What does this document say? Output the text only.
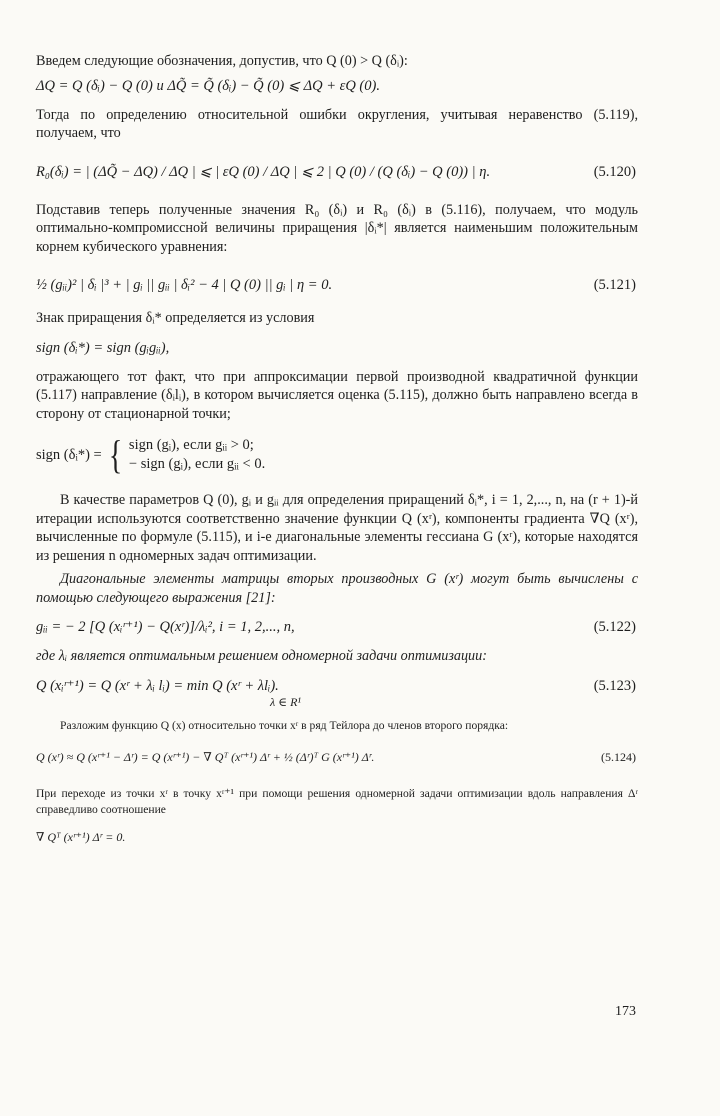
Введем следующие обозначения, допустив, что Q (0) > Q (δᵢ):

ΔQ = Q (δᵢ) − Q (0) и ΔQ̃ = Q̃ (δᵢ) − Q̃ (0) ⩽ ΔQ + εQ (0).

Тогда по определению относительной ошибки округления, учитывая неравенство (5.119), получаем, что

R₀(δᵢ) = | (ΔQ̃ − ΔQ) / ΔQ | ⩽ | εQ (0) / ΔQ | ⩽ 2 | Q (0) / (Q (δᵢ) − Q (0)) | η.	(5.120)

Подставив теперь полученные значения R₀ (δᵢ) и R₀ (δᵢ) в (5.116), получаем, что модуль оптимально-компромиссной величины приращения |δᵢ*| является наименьшим положительным корнем кубического уравнения:

½ (gᵢᵢ)² | δᵢ |³ + | gᵢ || gᵢᵢ | δᵢ² − 4 | Q (0) || gᵢ | η = 0.	(5.121)

Знак приращения δᵢ* определяется из условия

sign (δᵢ*) = sign (gᵢgᵢᵢ),

отражающего тот факт, что при аппроксимации первой производной квадратичной функции (5.117) направление (δᵢlᵢ), в котором вычисляется оценка (5.115), должно быть направлено всегда в сторону от стационарной точки;

sign (δᵢ*) = { sign (gᵢ), если gᵢᵢ > 0;
− sign (gᵢ), если gᵢᵢ < 0.

В качестве параметров Q (0), gᵢ и gᵢᵢ для определения приращений δᵢ*, i = 1, 2,..., n, на (r + 1)-й итерации используются соответственно значение функции Q (xʳ), компоненты градиента ∇Q (xʳ), вычисленные по формуле (5.115), и i-е диагональные элементы гессиана G (xʳ), которые находятся из решения n одномерных задач оптимизации.

Диагональные элементы матрицы вторых производных G (xʳ) могут быть вычислены с помощью следующего выражения [21]:

gᵢᵢ = − 2 [Q (xᵢʳ⁺¹) − Q(xʳ)]/λᵢ², i = 1, 2,..., n,	(5.122)

где λᵢ является оптимальным решением одномерной задачи оптимизации:

Q (xᵢʳ⁺¹) = Q (xʳ + λᵢ lᵢ) = min Q (xʳ + λlᵢ).	(5.123)
λ ∈ R¹

Разложим функцию Q (x) относительно точки xʳ в ряд Тейлора до членов второго порядка:

Q (xʳ) ≈ Q (xʳ⁺¹ − Δʳ) = Q (xʳ⁺¹) − ∇ Qᵀ (xʳ⁺¹) Δʳ + ½ (Δʳ)ᵀ G (xʳ⁺¹) Δʳ.	(5.124)

При переходе из точки xʳ в точку xʳ⁺¹ при помощи решения одномерной задачи оптимизации вдоль направления Δʳ справедливо соотношение

∇ Qᵀ (xʳ⁺¹) Δʳ = 0.

173
